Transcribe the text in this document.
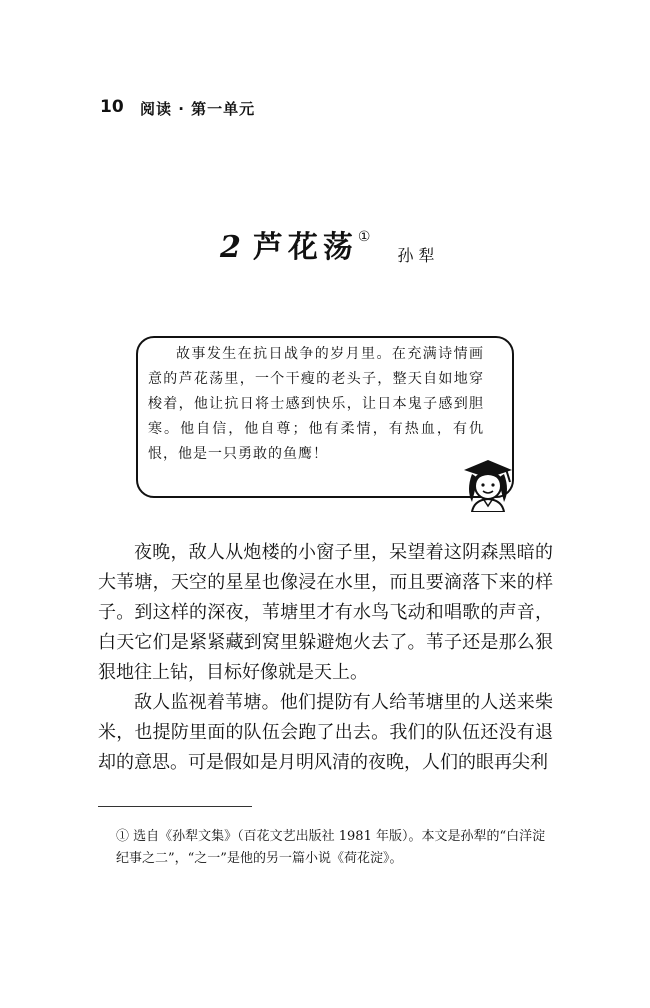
10 阅读 · 第一单元
2 芦花荡① 孙犁

故事发生在抗日战争的岁月里。在充满诗情画意的芦花荡里，一个干瘦的老头子，整天自如地穿梭着，他让抗日将士感到快乐，让日本鬼子感到胆寒。他自信，他自尊；他有柔情，有热血，有仇恨，他是一只勇敢的鱼鹰！

夜晚，敌人从炮楼的小窗子里，呆望着这阴森黑暗的大苇塘，天空的星星也像浸在水里，而且要滴落下来的样子。到这样的深夜，苇塘里才有水鸟飞动和唱歌的声音，白天它们是紧紧藏到窝里躲避炮火去了。苇子还是那么狠狠地往上钻，目标好像就是天上。

敌人监视着苇塘。他们提防有人给苇塘里的人送来柴米，也提防里面的队伍会跑了出去。我们的队伍还没有退却的意思。可是假如是月明风清的夜晚，人们的眼再尖利

① 选自《孙犁文集》（百花文艺出版社 1981 年版）。本文是孙犁的“白洋淀纪事之二”，“之一”是他的另一篇小说《荷花淀》。
